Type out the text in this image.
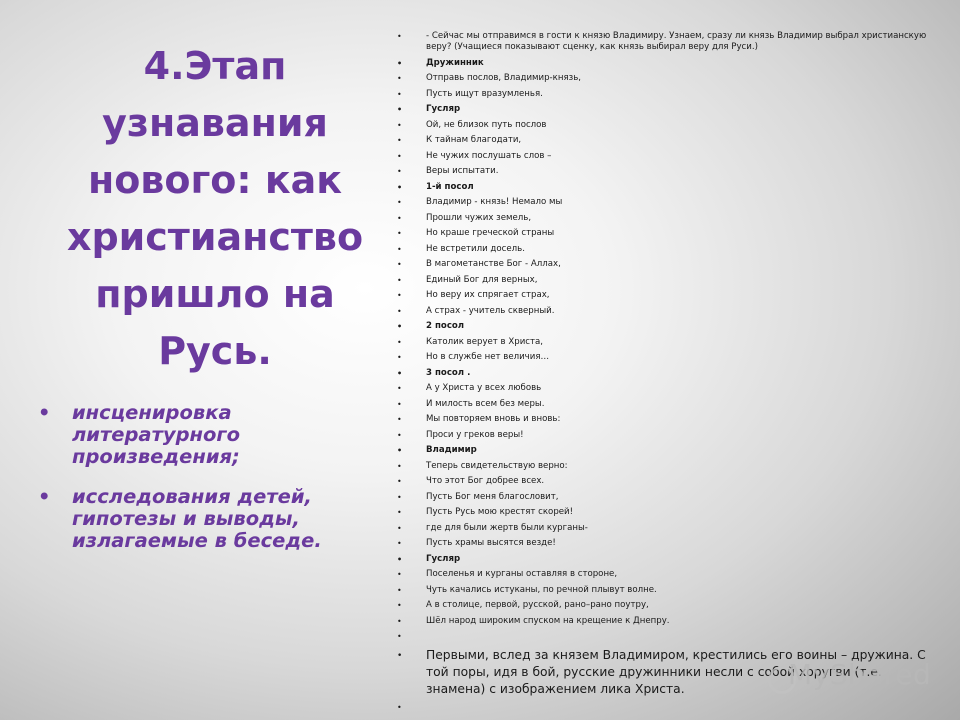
4.Этап узнавания нового: как христианство пришло на Русь.
• инсценировка литературного произведения;
• исследования детей, гипотезы и выводы, излагаемые в беседе.
• - Сейчас мы отправимся в гости к князю Владимиру. Узнаем, сразу ли князь Владимир выбрал христианскую веру? (Учащиеся показывают сценку, как князь выбирал веру для Руси.)
• Дружинник
• Отправь послов, Владимир-князь,
• Пусть ищут вразумленья.
• Гусляр
• Ой, не близок путь послов
• К тайнам благодати,
• Не чужих послушать слов –
• Веры испытати.
• 1-й посол
• Владимир - князь! Немало мы
• Прошли чужих земель,
• Но краше греческой страны
• Не встретили досель.
• В магометанстве Бог - Аллах,
• Единый Бог для верных,
• Но веру их спрягает страх,
• А страх - учитель скверный.
• 2 посол
• Католик верует в Христа,
• Но в службе нет величия…
• 3 посол .
• А у Христа у всех любовь
• И милость всем без меры.
• Мы повторяем вновь и вновь:
• Проси у греков веры!
• Владимир
• Теперь свидетельствую верно:
• Что этот Бог добрее всех.
• Пусть Бог меня благословит,
• Пусть Русь мою крестят скорей!
• где для были жертв были курганы-
• Пусть храмы высятся везде!
• Гусляр
• Поселенья и курганы оставляя в стороне,
• Чуть качались истуканы, по речной плывут волне.
• А в столице, первой, русской, рано–рано поутру,
• Шёл народ широким спуском на крещение к Днепру.
•
• Первыми, вслед за князем Владимиром, крестились его воины – дружина. С той поры, идя в бой, русские дружинники несли с собой хоругви (т.е. знамена) с изображением лика Христа.
•	MyShared
